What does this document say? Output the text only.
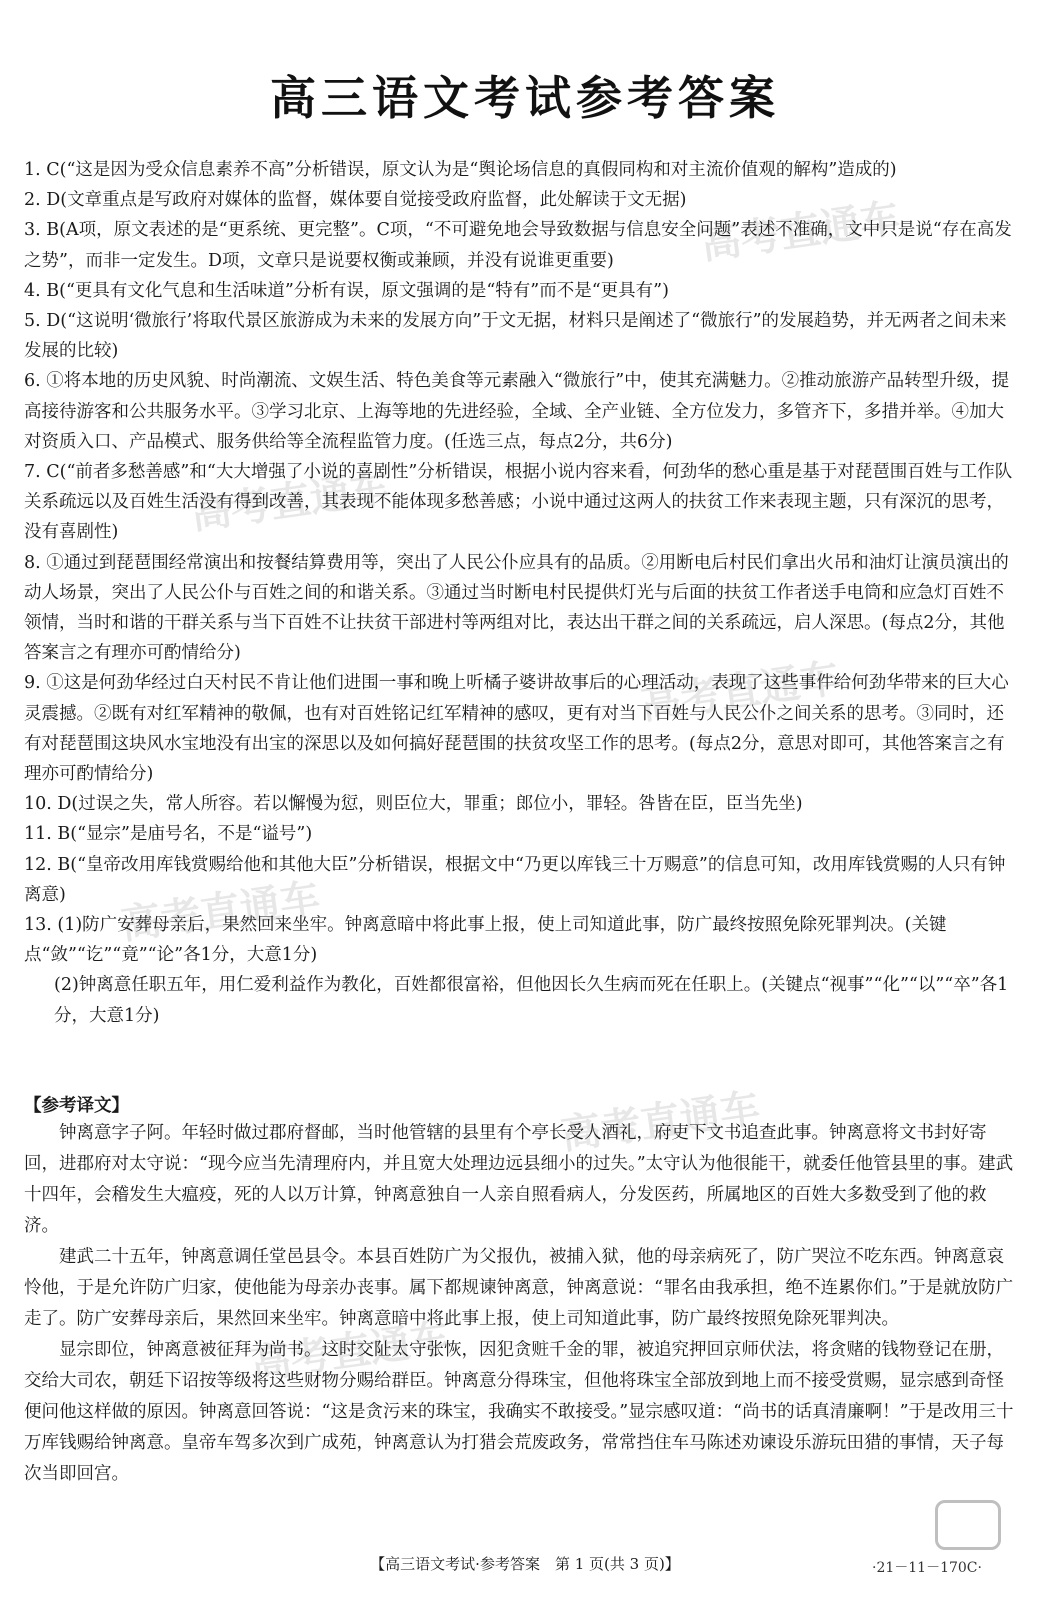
高考直通车
高考直通车
高考直通车
高考直通车
高考直通车
高考直通车
高三语文考试参考答案

1. C(“这是因为受众信息素养不高”分析错误，原文认为是“舆论场信息的真假同构和对主流价值观的解构”造成的)

2. D(文章重点是写政府对媒体的监督，媒体要自觉接受政府监督，此处解读于文无据)

3. B(A项，原文表述的是“更系统、更完整”。C项，“不可避免地会导致数据与信息安全问题”表述不准确，文中只是说“存在高发之势”，而非一定发生。D项，文章只是说要权衡或兼顾，并没有说谁更重要)

4. B(“更具有文化气息和生活味道”分析有误，原文强调的是“特有”而不是“更具有”)

5. D(“这说明‘微旅行’将取代景区旅游成为未来的发展方向”于文无据，材料只是阐述了“微旅行”的发展趋势，并无两者之间未来发展的比较)

6. ①将本地的历史风貌、时尚潮流、文娱生活、特色美食等元素融入“微旅行”中，使其充满魅力。②推动旅游产品转型升级，提高接待游客和公共服务水平。③学习北京、上海等地的先进经验，全域、全产业链、全方位发力，多管齐下，多措并举。④加大对资质入口、产品模式、服务供给等全流程监管力度。(任选三点，每点2分，共6分)

7. C(“前者多愁善感”和“大大增强了小说的喜剧性”分析错误，根据小说内容来看，何劲华的愁心重是基于对琵琶围百姓与工作队关系疏远以及百姓生活没有得到改善，其表现不能体现多愁善感；小说中通过这两人的扶贫工作来表现主题，只有深沉的思考，没有喜剧性)

8. ①通过到琵琶围经常演出和按餐结算费用等，突出了人民公仆应具有的品质。②用断电后村民们拿出火吊和油灯让演员演出的动人场景，突出了人民公仆与百姓之间的和谐关系。③通过当时断电村民提供灯光与后面的扶贫工作者送手电筒和应急灯百姓不领情，当时和谐的干群关系与当下百姓不让扶贫干部进村等两组对比，表达出干群之间的关系疏远，启人深思。(每点2分，其他答案言之有理亦可酌情给分)

9. ①这是何劲华经过白天村民不肯让他们进围一事和晚上听橘子婆讲故事后的心理活动，表现了这些事件给何劲华带来的巨大心灵震撼。②既有对红军精神的敬佩，也有对百姓铭记红军精神的感叹，更有对当下百姓与人民公仆之间关系的思考。③同时，还有对琵琶围这块风水宝地没有出宝的深思以及如何搞好琵琶围的扶贫攻坚工作的思考。(每点2分，意思对即可，其他答案言之有理亦可酌情给分)

10. D(过误之失，常人所容。若以懈慢为愆，则臣位大，罪重；郎位小，罪轻。咎皆在臣，臣当先坐)

11. B(“显宗”是庙号名，不是“谥号”)

12. B(“皇帝改用库钱赏赐给他和其他大臣”分析错误，根据文中“乃更以库钱三十万赐意”的信息可知，改用库钱赏赐的人只有钟离意)

13. (1)防广安葬母亲后，果然回来坐牢。钟离意暗中将此事上报，使上司知道此事，防广最终按照免除死罪判决。(关键点“敛”“讫”“竟”“论”各1分，大意1分)

(2)钟离意任职五年，用仁爱利益作为教化，百姓都很富裕，但他因长久生病而死在任职上。(关键点“视事”“化”“以”“卒”各1分，大意1分)

【参考译文】

钟离意字子阿。年轻时做过郡府督邮，当时他管辖的县里有个亭长受人酒礼，府吏下文书追查此事。钟离意将文书封好寄回，进郡府对太守说：“现今应当先清理府内，并且宽大处理边远县细小的过失。”太守认为他很能干，就委任他管县里的事。建武十四年，会稽发生大瘟疫，死的人以万计算，钟离意独自一人亲自照看病人，分发医药，所属地区的百姓大多数受到了他的救济。

建武二十五年，钟离意调任堂邑县令。本县百姓防广为父报仇，被捕入狱，他的母亲病死了，防广哭泣不吃东西。钟离意哀怜他，于是允许防广归家，使他能为母亲办丧事。属下都规谏钟离意，钟离意说：“罪名由我承担，绝不连累你们。”于是就放防广走了。防广安葬母亲后，果然回来坐牢。钟离意暗中将此事上报，使上司知道此事，防广最终按照免除死罪判决。

显宗即位，钟离意被征拜为尚书。这时交阯太守张恢，因犯贪赃千金的罪，被追究押回京师伏法，将贪赌的钱物登记在册，交给大司农，朝廷下诏按等级将这些财物分赐给群臣。钟离意分得珠宝，但他将珠宝全部放到地上而不接受赏赐，显宗感到奇怪便问他这样做的原因。钟离意回答说：“这是贪污来的珠宝，我确实不敢接受。”显宗感叹道：“尚书的话真清廉啊！”于是改用三十万库钱赐给钟离意。皇帝车驾多次到广成苑，钟离意认为打猎会荒废政务，常常挡住车马陈述劝谏设乐游玩田猎的事情，天子每次当即回宫。

【高三语文考试·参考答案　第 1 页(共 3 页)】	·21－11－170C·
